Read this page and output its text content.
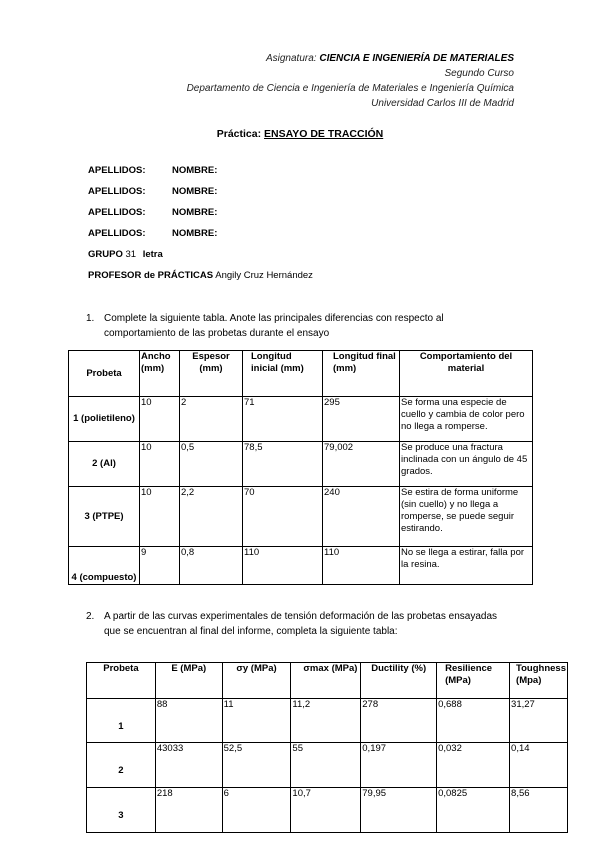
Asignatura: CIENCIA E INGENIERÍA DE MATERIALES
Segundo Curso
Departamento de Ciencia e Ingeniería de Materiales e Ingeniería Química
Universidad Carlos III de Madrid
Práctica: ENSAYO DE TRACCIÓN
APELLIDOS:	NOMBRE:
APELLIDOS:	NOMBRE:
APELLIDOS:	NOMBRE:
APELLIDOS:	NOMBRE:
GRUPO 31 letra
PROFESOR de PRÁCTICAS Angily Cruz Hernández
1. Complete la siguiente tabla. Anote las principales diferencias con respecto al comportamiento de las probetas durante el ensayo
Probeta	Ancho (mm)	Espesor (mm)	Longitud inicial (mm)	Longitud final (mm)	Comportamiento del material
1 (polietileno)	10	2	71	295	Se forma una especie de cuello y cambia de color pero no llega a romperse.
2 (Al)	10	0,5	78,5	79,002	Se produce una fractura inclinada con un ángulo de 45 grados.
3 (PTPE)	10	2,2	70	240	Se estira de forma uniforme (sin cuello) y no llega a romperse, se puede seguir estirando.
4 (compuesto)	9	0,8	110	110	No se llega a estirar, falla por la resina.
2. A partir de las curvas experimentales de tensión deformación de las probetas ensayadas que se encuentran al final del informe, completa la siguiente tabla:
Probeta	E (MPa)	σy (MPa)	σmax (MPa)	Ductility (%)	Resilience (MPa)	Toughness (Mpa)
1	88	11	11,2	278	0,688	31,27
2	43033	52,5	55	0,197	0,032	0,14
3	218	6	10,7	79,95	0,0825	8,56
